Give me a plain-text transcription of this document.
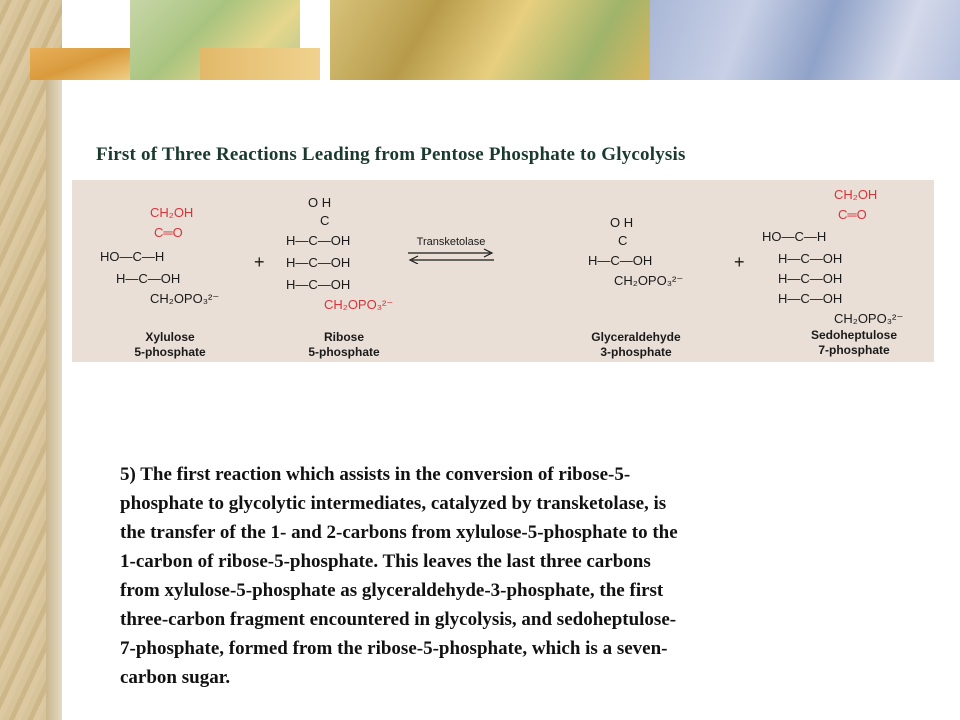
First of Three Reactions Leading from Pentose Phosphate to Glycolysis
CH₂OH
C═O
HO—C—H
H—C—OH
CH₂OPO₃²⁻
Xylulose
5-phosphate
+
O H
C
H—C—OH
H—C—OH
H—C—OH
CH₂OPO₃²⁻
Ribose
5-phosphate
O H
C
H—C—OH
CH₂OPO₃²⁻
Glyceraldehyde
3-phosphate
+
CH₂OH
C═O
HO—C—H
H—C—OH
H—C—OH
H—C—OH
CH₂OPO₃²⁻
Sedoheptulose
7-phosphate
Transketolase
5) The first reaction which assists in the conversion of ribose-5-
phosphate to glycolytic intermediates, catalyzed by transketolase, is
the transfer of the 1- and 2-carbons from xylulose-5-phosphate to the
1-carbon of ribose-5-phosphate. This leaves the last three carbons
from xylulose-5-phosphate as glyceraldehyde-3-phosphate, the first
three-carbon fragment encountered in glycolysis, and sedoheptulose-
7-phosphate, formed from the ribose-5-phosphate, which is a seven-
carbon sugar.
